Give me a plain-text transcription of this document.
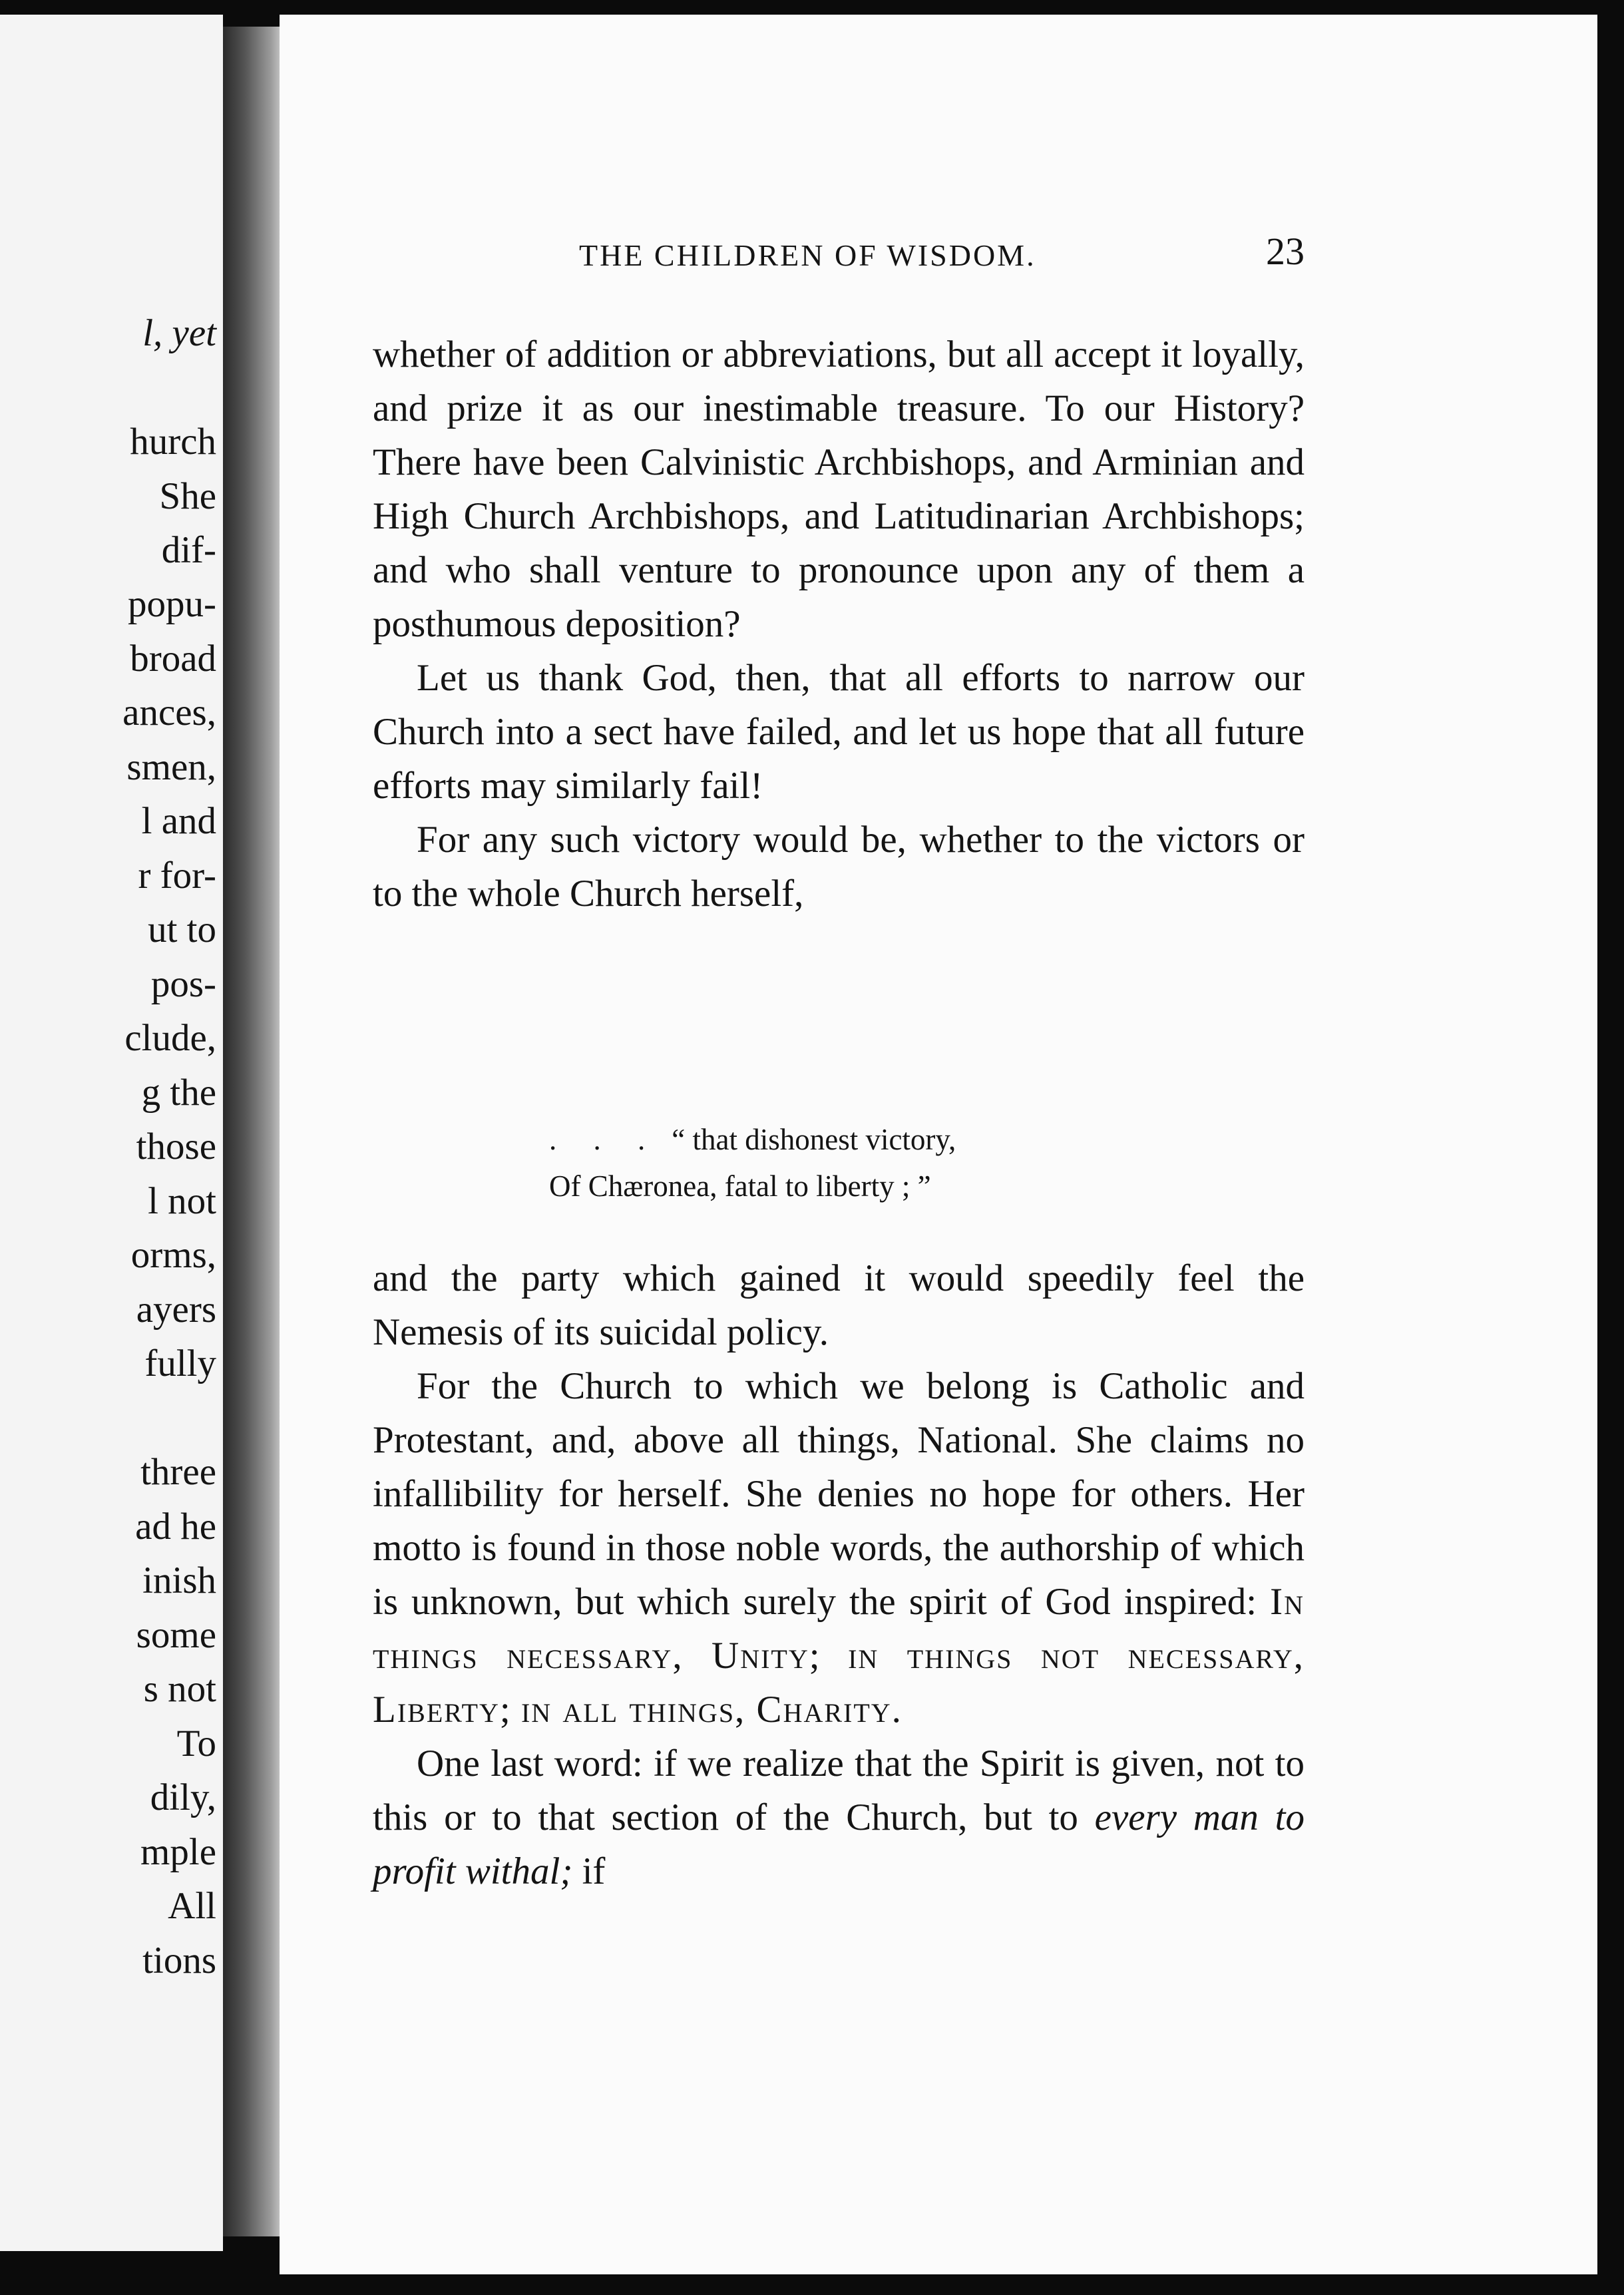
l, yet
hurch
She
dif-
popu-
broad
ances,
smen,
l and
r for-
ut to
pos-
clude,
g the
those
l not
orms,
ayers
fully
three
ad he
inish
some
s not
To
dily,
mple
All
tions
THE CHILDREN OF WISDOM.	23

whether of addition or abbreviations, but all accept it loyally, and prize it as our inestimable treasure. To our History? There have been Calvinistic Archbishops, and Arminian and High Church Archbishops, and Latitudinarian Archbishops; and who shall venture to pronounce upon any of them a posthumous deposition?

Let us thank God, then, that all efforts to narrow our Church into a sect have failed, and let us hope that all future efforts may similarly fail!

For any such victory would be, whether to the victors or to the whole Church herself,

. . . “ that dishonest victory,
Of Chæronea, fatal to liberty ; ”

and the party which gained it would speedily feel the Nemesis of its suicidal policy.

For the Church to which we belong is Catholic and Protestant, and, above all things, National. She claims no infallibility for herself. She denies no hope for others. Her motto is found in those noble words, the authorship of which is unknown, but which surely the spirit of God inspired: In things necessary, Unity; in things not necessary, Liberty; in all things, Charity.

One last word: if we realize that the Spirit is given, not to this or to that section of the Church, but to every man to profit withal; if
